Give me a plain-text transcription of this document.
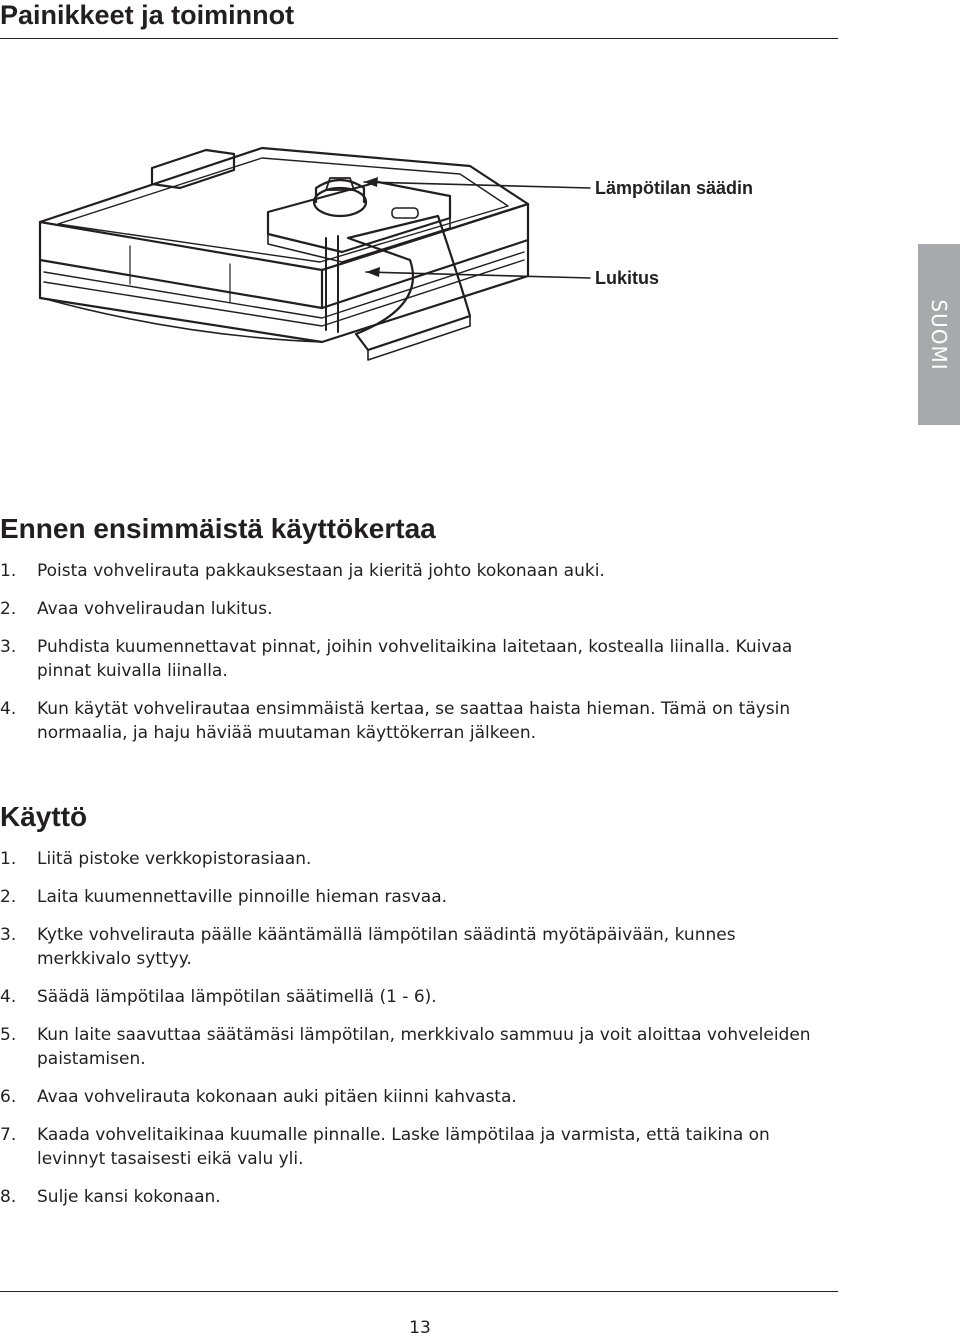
Painikkeet ja toiminnot
Lämpötilan säädin
Lukitus
SUOMI
Ennen ensimmäistä käyttökertaa
1. Poista vohvelirauta pakkauksestaan ja kieritä johto kokonaan auki.
2. Avaa vohveliraudan lukitus.
3. Puhdista kuumennettavat pinnat, joihin vohvelitaikina laitetaan, kostealla liinalla. Kuivaa pinnat kuivalla liinalla.
4. Kun käytät vohvelirautaa ensimmäistä kertaa, se saattaa haista hieman. Tämä on täysin normaalia, ja haju häviää muutaman käyttökerran jälkeen.
Käyttö
1. Liitä pistoke verkkopistorasiaan.
2. Laita kuumennettaville pinnoille hieman rasvaa.
3. Kytke vohvelirauta päälle kääntämällä lämpötilan säädintä myötäpäivään, kunnes merkkivalo syttyy.
4. Säädä lämpötilaa lämpötilan säätimellä (1 - 6).
5. Kun laite saavuttaa säätämäsi lämpötilan, merkkivalo sammuu ja voit aloittaa vohveleiden paistamisen.
6. Avaa vohvelirauta kokonaan auki pitäen kiinni kahvasta.
7. Kaada vohvelitaikinaa kuumalle pinnalle. Laske lämpötilaa ja varmista, että taikina on levinnyt tasaisesti eikä valu yli.
8. Sulje kansi kokonaan.
13
